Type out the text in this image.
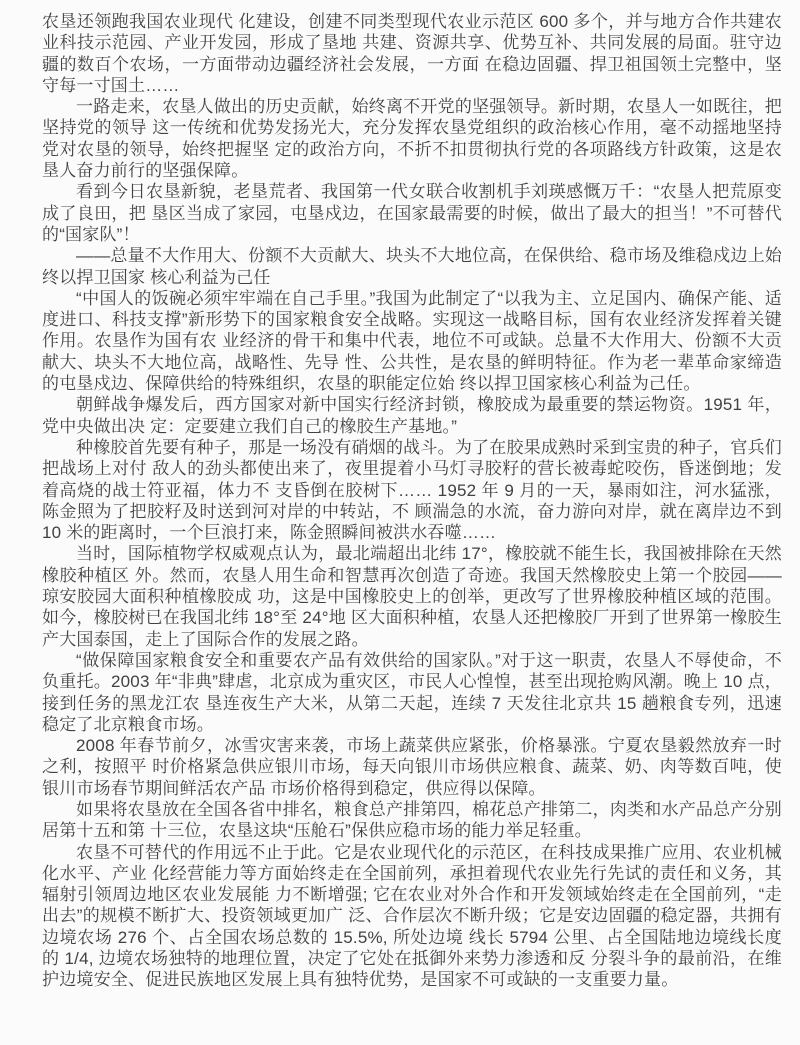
农垦还领跑我国农业现代 化建设，创建不同类型现代农业示范区 600 多个，并与地方合作共建农业科技示范园、产业开发园，形成了垦地 共建、资源共享、优势互补、共同发展的局面。驻守边疆的数百个农场，一方面带动边疆经济社会发展，一方面 在稳边固疆、捍卫祖国领土完整中，坚守每一寸国土……

一路走来，农垦人做出的历史贡献，始终离不开党的坚强领导。新时期，农垦人一如既往，把坚持党的领导 这一传统和优势发扬光大，充分发挥农垦党组织的政治核心作用，毫不动摇地坚持党对农垦的领导，始终把握坚 定的政治方向，不折不扣贯彻执行党的各项路线方针政策，这是农垦人奋力前行的坚强保障。

看到今日农垦新貌，老垦荒者、我国第一代女联合收割机手刘瑛感慨万千：“农垦人把荒原变成了良田，把 垦区当成了家园，屯垦戍边，在国家最需要的时候，做出了最大的担当！”不可替代的“国家队”！

——总量不大作用大、份额不大贡献大、块头不大地位高，在保供给、稳市场及维稳戍边上始终以捍卫国家 核心利益为己任

“中国人的饭碗必须牢牢端在自己手里。”我国为此制定了“以我为主、立足国内、确保产能、适度进口、科技支撑”新形势下的国家粮食安全战略。实现这一战略目标，国有农业经济发挥着关键作用。农垦作为国有农 业经济的骨干和集中代表，地位不可或缺。总量不大作用大、份额不大贡献大、块头不大地位高，战略性、先导 性、公共性，是农垦的鲜明特征。作为老一辈革命家缔造的屯垦戍边、保障供给的特殊组织，农垦的职能定位始 终以捍卫国家核心利益为己任。

朝鲜战争爆发后，西方国家对新中国实行经济封锁，橡胶成为最重要的禁运物资。1951 年，党中央做出决 定：定要建立我们自己的橡胶生产基地。”

种橡胶首先要有种子，那是一场没有硝烟的战斗。为了在胶果成熟时采到宝贵的种子，官兵们把战场上对付 敌人的劲头都使出来了，夜里提着小马灯寻胶籽的营长被毒蛇咬伤，昏迷倒地；发着高烧的战士符亚福，体力不 支昏倒在胶树下…… 1952 年 9 月的一天，暴雨如注，河水猛涨，陈金照为了把胶籽及时送到河对岸的中转站，不 顾湍急的水流，奋力游向对岸，就在离岸边不到 10 米的距离时，一个巨浪打来，陈金照瞬间被洪水吞噬……

当时，国际植物学权威观点认为，最北端超出北纬 17°，橡胶就不能生长，我国被排除在天然橡胶种植区 外。然而，农垦人用生命和智慧再次创造了奇迹。我国天然橡胶史上第一个胶园——琼安胶园大面积种植橡胶成 功，这是中国橡胶史上的创举，更改写了世界橡胶种植区域的范围。如今，橡胶树已在我国北纬 18°至 24°地 区大面积种植，农垦人还把橡胶厂开到了世界第一橡胶生产大国泰国，走上了国际合作的发展之路。

“做保障国家粮食安全和重要农产品有效供给的国家队。”对于这一职责，农垦人不辱使命，不负重托。2003 年“非典”肆虐，北京成为重灾区，市民人心惶惶，甚至出现抢购风潮。晚上 10 点，接到任务的黑龙江农 垦连夜生产大米，从第二天起，连续 7 天发往北京共 15 趟粮食专列，迅速稳定了北京粮食市场。

2008 年春节前夕，冰雪灾害来袭，市场上蔬菜供应紧张，价格暴涨。宁夏农垦毅然放弃一时之利，按照平 时价格紧急供应银川市场，每天向银川市场供应粮食、蔬菜、奶、肉等数百吨，使银川市场春节期间鲜活农产品 市场价格得到稳定，供应得以保障。

如果将农垦放在全国各省中排名，粮食总产排第四，棉花总产排第二，肉类和水产品总产分别居第十五和第 十三位，农垦这块“压舱石”保供应稳市场的能力举足轻重。

农垦不可替代的作用远不止于此。它是农业现代化的示范区，在科技成果推广应用、农业机械化水平、产业 化经营能力等方面始终走在全国前列，承担着现代农业先行先试的责任和义务，其辐射引领周边地区农业发展能 力不断增强; 它在农业对外合作和开发领域始终走在全国前列，“走出去”的规模不断扩大、投资领域更加广 泛、合作层次不断升级；它是安边固疆的稳定器，共拥有边境农场 276 个、占全国农场总数的 15.5%, 所处边境 线长 5794 公里、占全国陆地边境线长度的 1/4, 边境农场独特的地理位置，决定了它处在抵御外来势力渗透和反 分裂斗争的最前沿，在维护边境安全、促进民族地区发展上具有独特优势，是国家不可或缺的一支重要力量。
